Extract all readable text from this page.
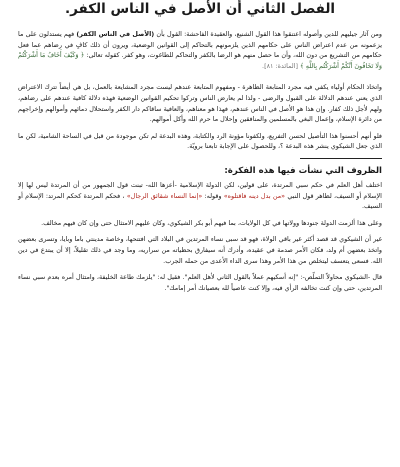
الفصل الثاني أن الأصل في الناس الكفر.

ومن آثار جيليهم للدين وأصوله اعتنقوا هذا القول الشنيع، والعقيدة الفاحشة: القول بأن (الأصل في الناس الكفر) فهم يستدلون على ما يزعمونه من عدم اعتراض الناس على حكامهم الذين يلزمونهم بالتحاكم إلى القوانين الوضعية، ويرون أن ذلك كافٍ في رضاهم عما فعل حكامهم من التشريع من دون الله، وأن ما حصل منهم هو الرضا بالكفر والتحاكم للطاغوت، وهو كفر. كقوله تعالى: ﴿ وَكَيْفَ أَخَافُ مَا أَشْرَكْتُمْ وَلَا تَخَافُونَ أَنَّكُمْ أَشْرَكْتُم بِاللَّهِ ﴾ [المائدة: ٨١].

واتخاذ الحكام أولياء يكفي فيه مجرد المتابعة الظاهرة - ومفهوم المتابعة عندهم ليست مجرد المشايعة بالعمل، بل هي أيضاً تترك الاعتراض الذي يعني عندهم الدلالة على القبول والرضى - ولذا لم يعارض الناس وتركوا تحكيم القوانين الوضعية فهذه دلالة كافية عندهم على رضاهم، ولهم لأجل ذلك كفار. وإن هذا هو الأصل في الناس عندهم، فهذا هو معناهم، والعافية ساقاكم دار الكفر واستحلال دمائهم وأموالهم وإخراجهم من دائرة الإسلام، وإعمال البغي بالمسلمين والمنافقين وإحلال ما حرم الله وأكل أموالهم.

فلو أنهم أحسنوا هذا التأصيل لحسن التفريع، ولكفونا مؤونة الرد والكتابة، وهذه البدعة لم تكن موجودة من قبل في الساحة الشامية، لكن ما الذي جعل الشيكوي ينشر هذه البدعة ؟، وللحصول على الإجابة تابعنا برويّة.

الظروف التي نشأت فيها هذه الفكرة:

اختلف أهل العلم في حكم سبي المرتدة، على قولين، لكن الدولة الإسلامية -أعزها الله- تبنت قول الجمهور من أن المرتدة ليس لها إلا الإسلام أو السيف، لظاهر قول النبي «من بدل دينه فاقتلوه» وقوله: «إنما النساء شقائق الرجال» ، فحكم المرتدة كحكم المرتد: الإسلام أو السيف.

وعلى هذا ألزمت الدولة جنودها وولاتها في كل الولايات، بما فيهم أبو بكر الشيكوي، وكان عليهم الامتثال حتى وإن كان فيهم مخالف.

غير أن الشيكوي قد قصد أكثر غير باقي الولاة، فهو قد سبى نساء المرتدين في البلاد التي افتتحها، وخاصة مدينتي باما وبايا، وتسرى بعضهن واتخذ بعضهن أم ولد، فكان الأمر صدمة في عقيده، وأدرك أنه سيفارق بحظياته من سراريه، وما وجد في ذلك تقليلاً، إلا أن يبتدع في دين الله. فسعى يتعسف ليتخلص من هذا الأمر وهذا سرى الداء الأعدى من حمله الجرب.

قال -الشيكوي محاولاً التملّص-: "إنه أسكيهم عملاً بالقول الثاني لأهل العلم". فقيل له: "يلزمك طاعة الخليفة، وامتثال أمره بعدم سبي نساء المرتدين، حتى وإن كنت تخالفه الرأي فيه، وإلا كنت عاصياً لله بعصيانك أمر إمامك".
